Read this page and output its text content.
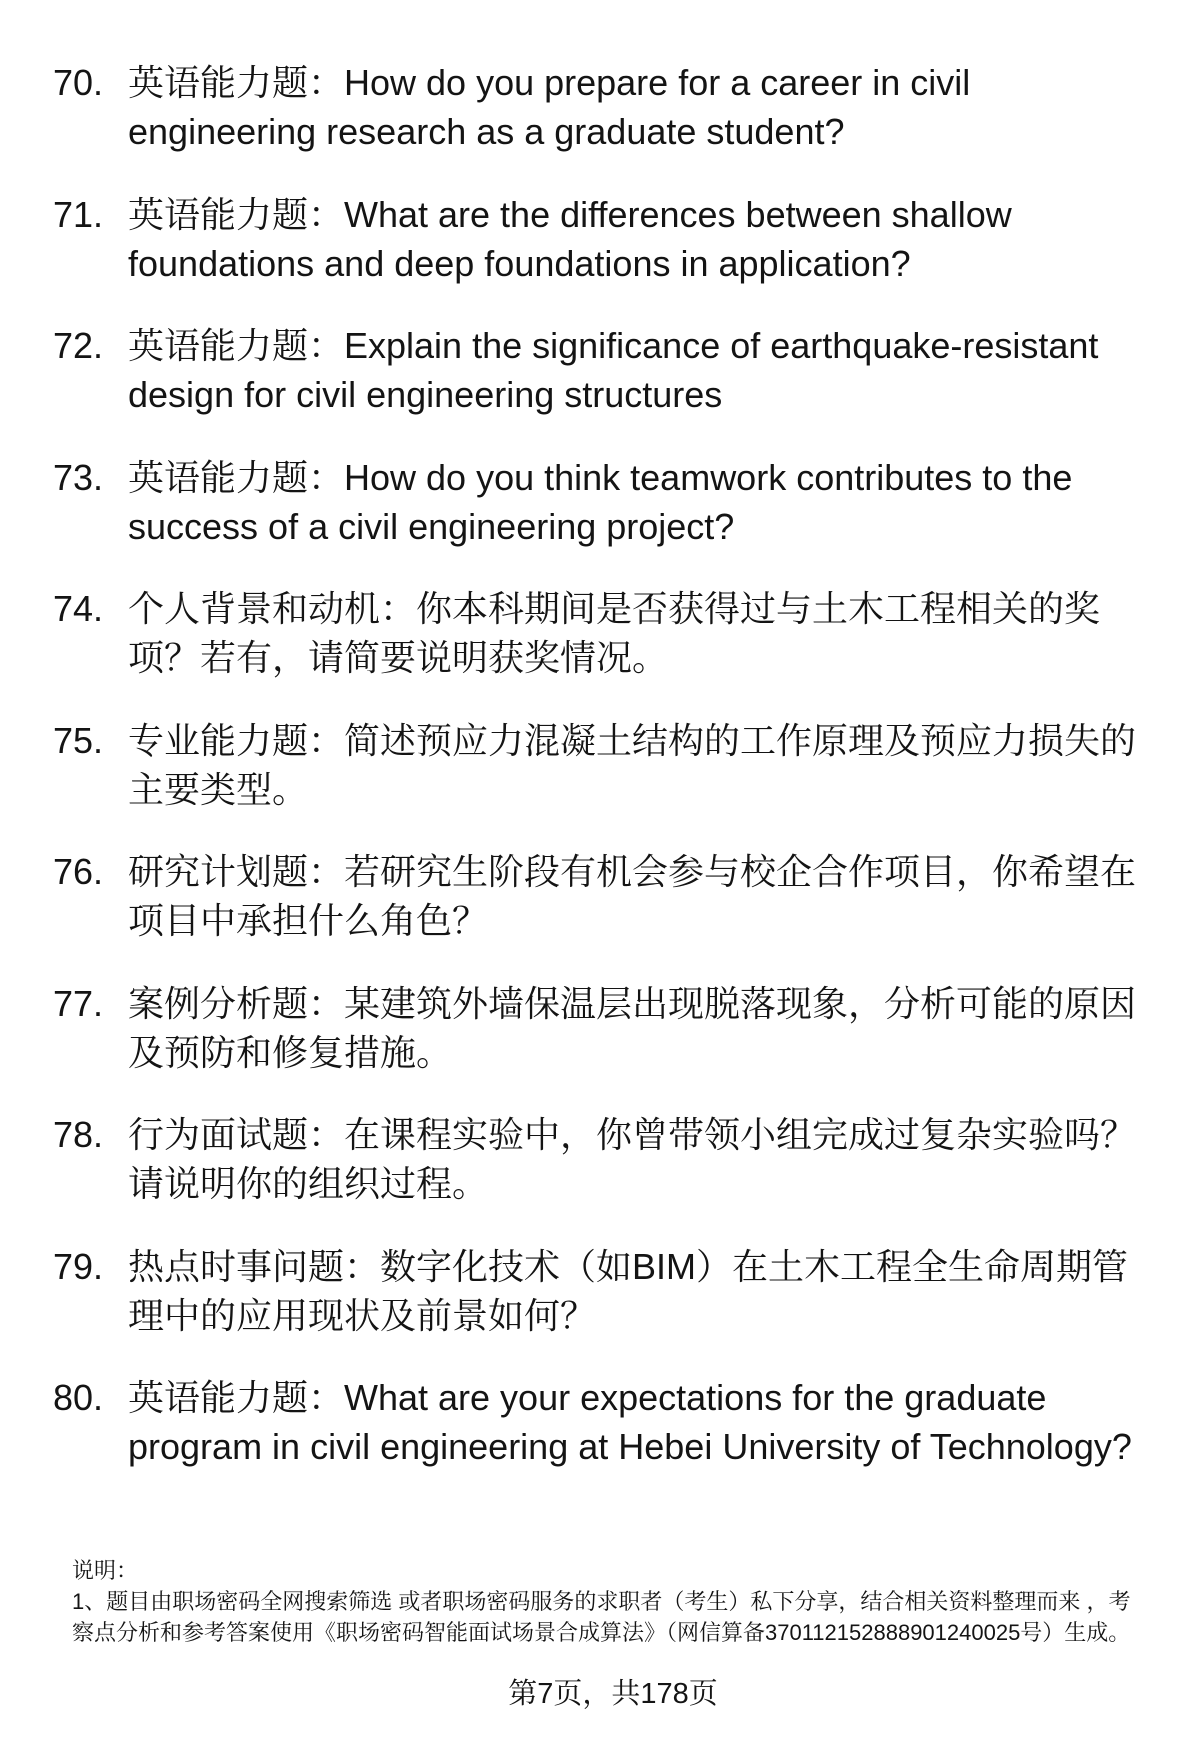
70. 英语能力题：How do you prepare for a career in civil engineering research as a graduate student?
71. 英语能力题：What are the differences between shallow foundations and deep foundations in application?
72. 英语能力题：Explain the significance of earthquake-resistant design for civil engineering structures
73. 英语能力题：How do you think teamwork contributes to the success of a civil engineering project?
74. 个人背景和动机：你本科期间是否获得过与土木工程相关的奖项？若有，请简要说明获奖情况。
75. 专业能力题：简述预应力混凝土结构的工作原理及预应力损失的主要类型。
76. 研究计划题：若研究生阶段有机会参与校企合作项目，你希望在项目中承担什么角色？
77. 案例分析题：某建筑外墙保温层出现脱落现象，分析可能的原因及预防和修复措施。
78. 行为面试题：在课程实验中，你曾带领小组完成过复杂实验吗？请说明你的组织过程。
79. 热点时事问题：数字化技术（如BIM）在土木工程全生命周期管理中的应用现状及前景如何？
80. 英语能力题：What are your expectations for the graduate program in civil engineering at Hebei University of Technology?
说明：
1、题目由职场密码全网搜索筛选 或者职场密码服务的求职者（考生）私下分享，结合相关资料整理而来 ，考察点分析和参考答案使用《职场密码智能面试场景合成算法》（网信算备370112152888901240025号）生成。
第7页，共178页
